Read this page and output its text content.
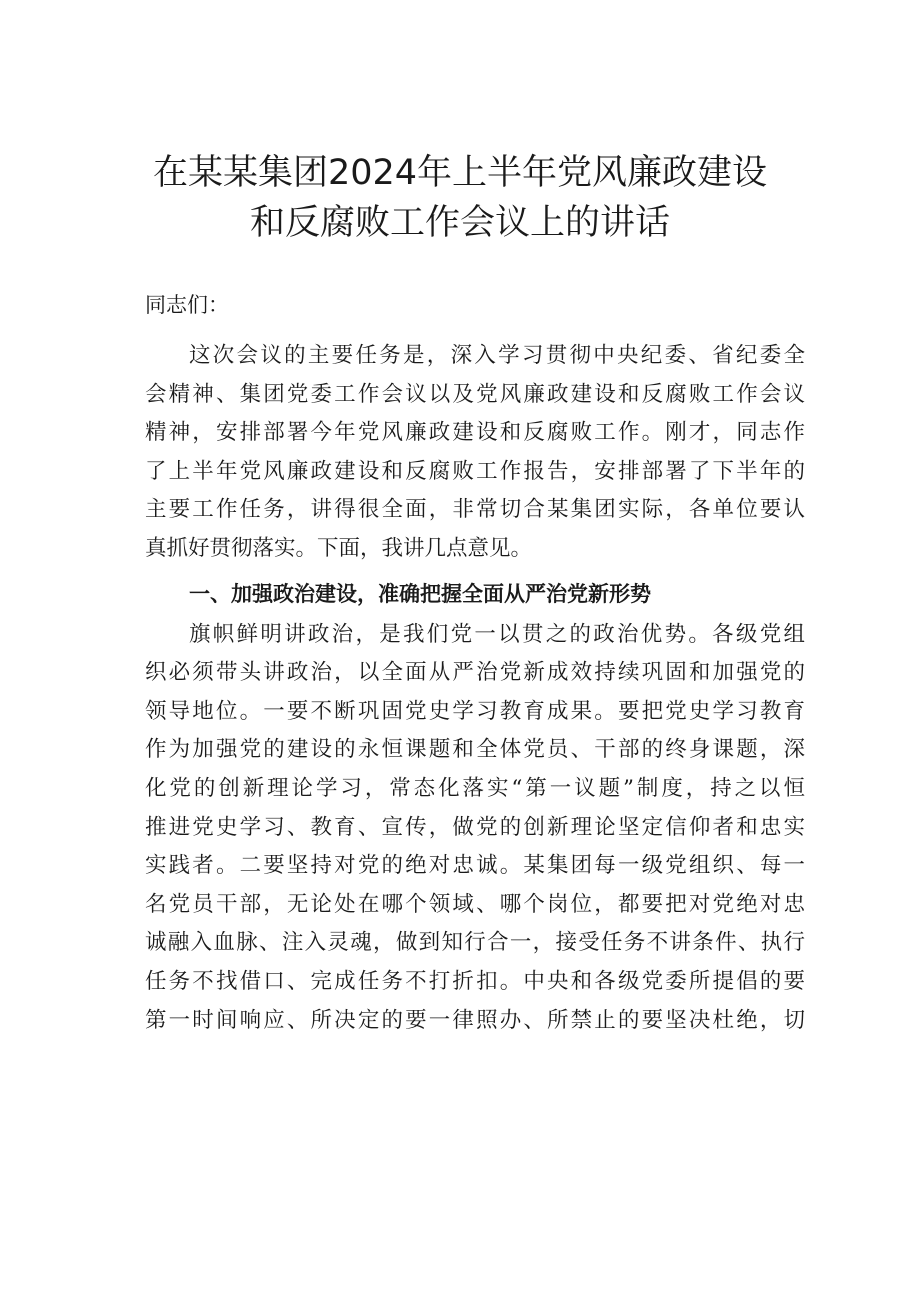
在某某集团2024年上半年党风廉政建设
和反腐败工作会议上的讲话
同志们：
这次会议的主要任务是，深入学习贯彻中央纪委、省纪委全
会精神、集团党委工作会议以及党风廉政建设和反腐败工作会议
精神，安排部署今年党风廉政建设和反腐败工作。刚才，同志作
了上半年党风廉政建设和反腐败工作报告，安排部署了下半年的
主要工作任务，讲得很全面，非常切合某集团实际，各单位要认
真抓好贯彻落实。下面，我讲几点意见。
一、加强政治建设，准确把握全面从严治党新形势
旗帜鲜明讲政治，是我们党一以贯之的政治优势。各级党组
织必须带头讲政治，以全面从严治党新成效持续巩固和加强党的
领导地位。一要不断巩固党史学习教育成果。要把党史学习教育
作为加强党的建设的永恒课题和全体党员、干部的终身课题，深
化党的创新理论学习，常态化落实“第一议题”制度，持之以恒
推进党史学习、教育、宣传，做党的创新理论坚定信仰者和忠实
实践者。二要坚持对党的绝对忠诚。某集团每一级党组织、每一
名党员干部，无论处在哪个领域、哪个岗位，都要把对党绝对忠
诚融入血脉、注入灵魂，做到知行合一，接受任务不讲条件、执行
任务不找借口、完成任务不打折扣。中央和各级党委所提倡的要
第一时间响应、所决定的要一律照办、所禁止的要坚决杜绝，切
